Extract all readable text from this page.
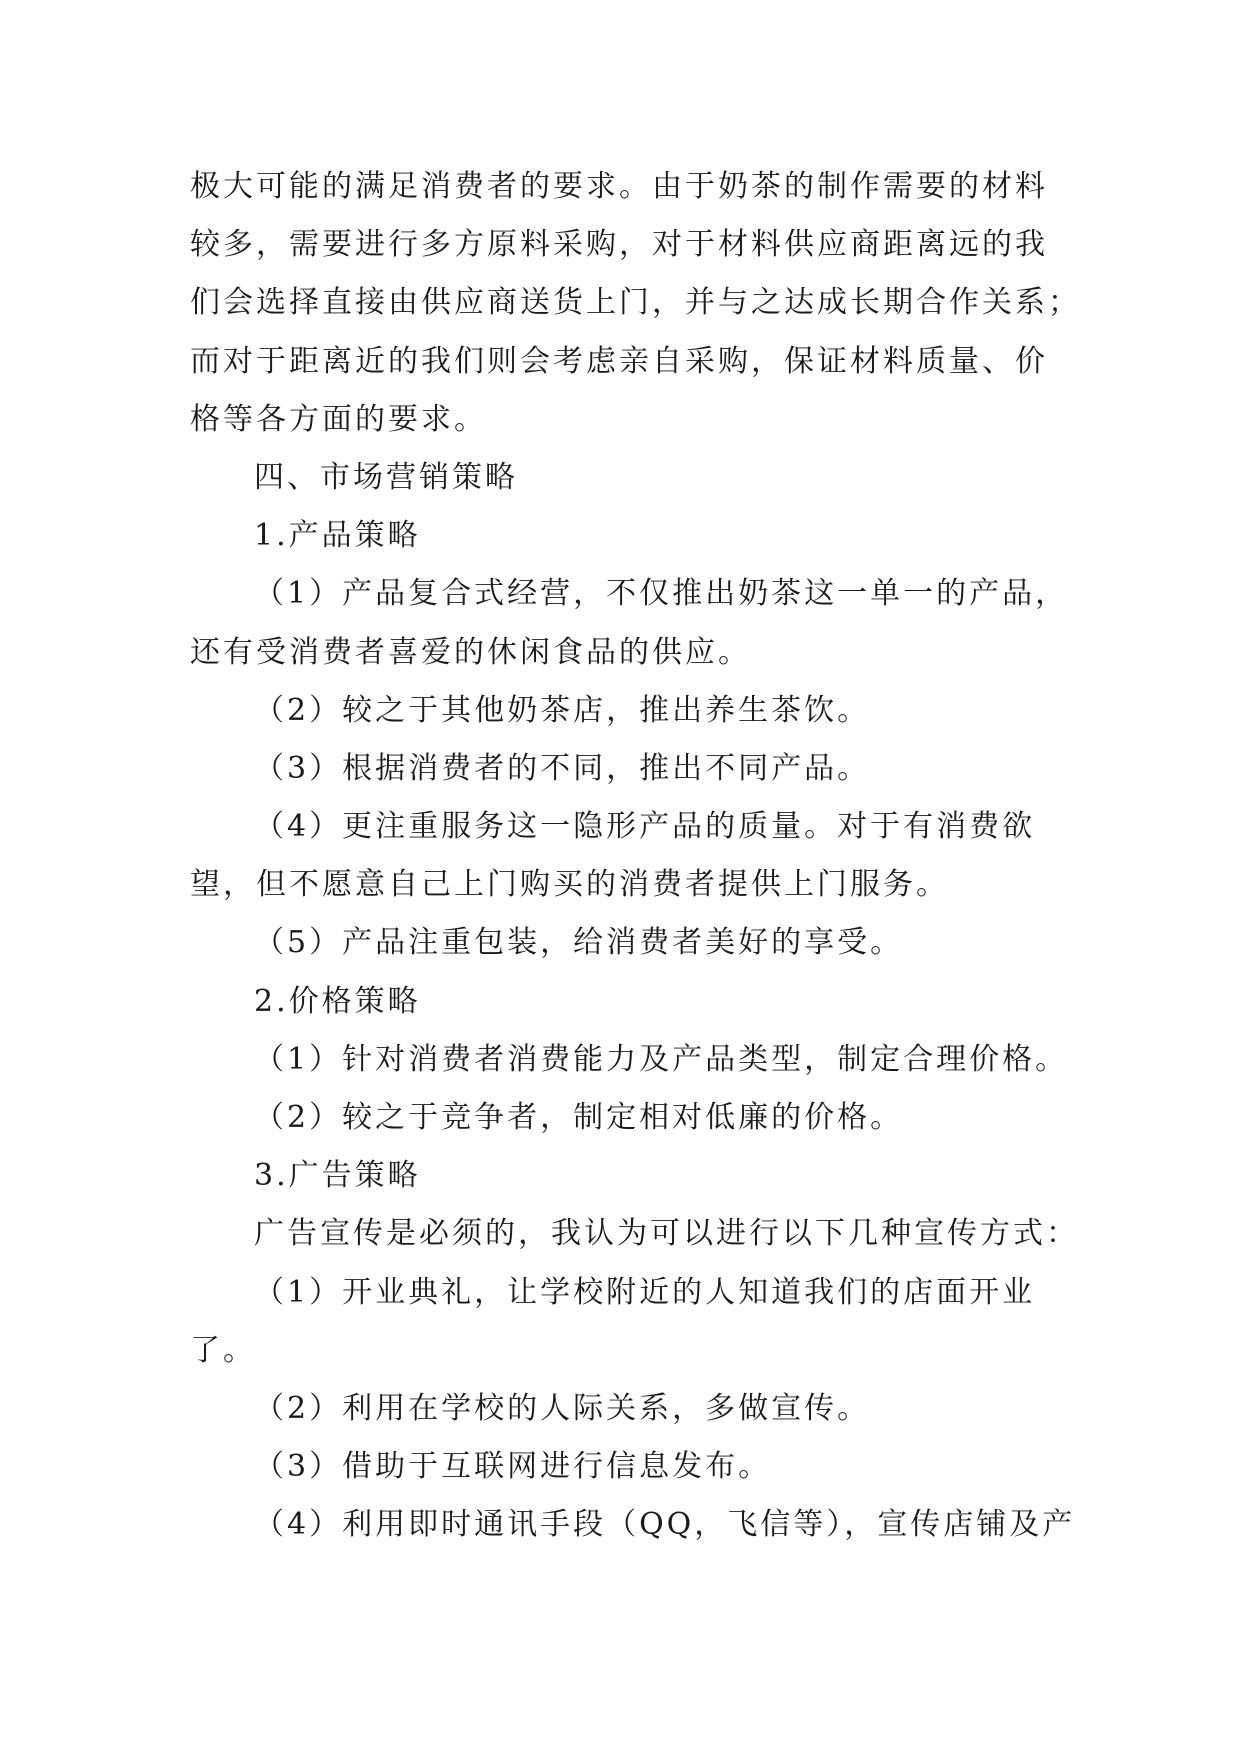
极大可能的满足消费者的要求。由于奶茶的制作需要的材料
较多，需要进行多方原料采购，对于材料供应商距离远的我
们会选择直接由供应商送货上门，并与之达成长期合作关系；
而对于距离近的我们则会考虑亲自采购，保证材料质量、价
格等各方面的要求。
四、市场营销策略
1.产品策略
（1）产品复合式经营，不仅推出奶茶这一单一的产品，
还有受消费者喜爱的休闲食品的供应。
（2）较之于其他奶茶店，推出养生茶饮。
（3）根据消费者的不同，推出不同产品。
（4）更注重服务这一隐形产品的质量。对于有消费欲
望，但不愿意自己上门购买的消费者提供上门服务。
（5）产品注重包装，给消费者美好的享受。
2.价格策略
（1）针对消费者消费能力及产品类型，制定合理价格。
（2）较之于竞争者，制定相对低廉的价格。
3.广告策略
广告宣传是必须的，我认为可以进行以下几种宣传方式：
（1）开业典礼，让学校附近的人知道我们的店面开业
了。
（2）利用在学校的人际关系，多做宣传。
（3）借助于互联网进行信息发布。
（4）利用即时通讯手段（QQ，飞信等），宣传店铺及产
